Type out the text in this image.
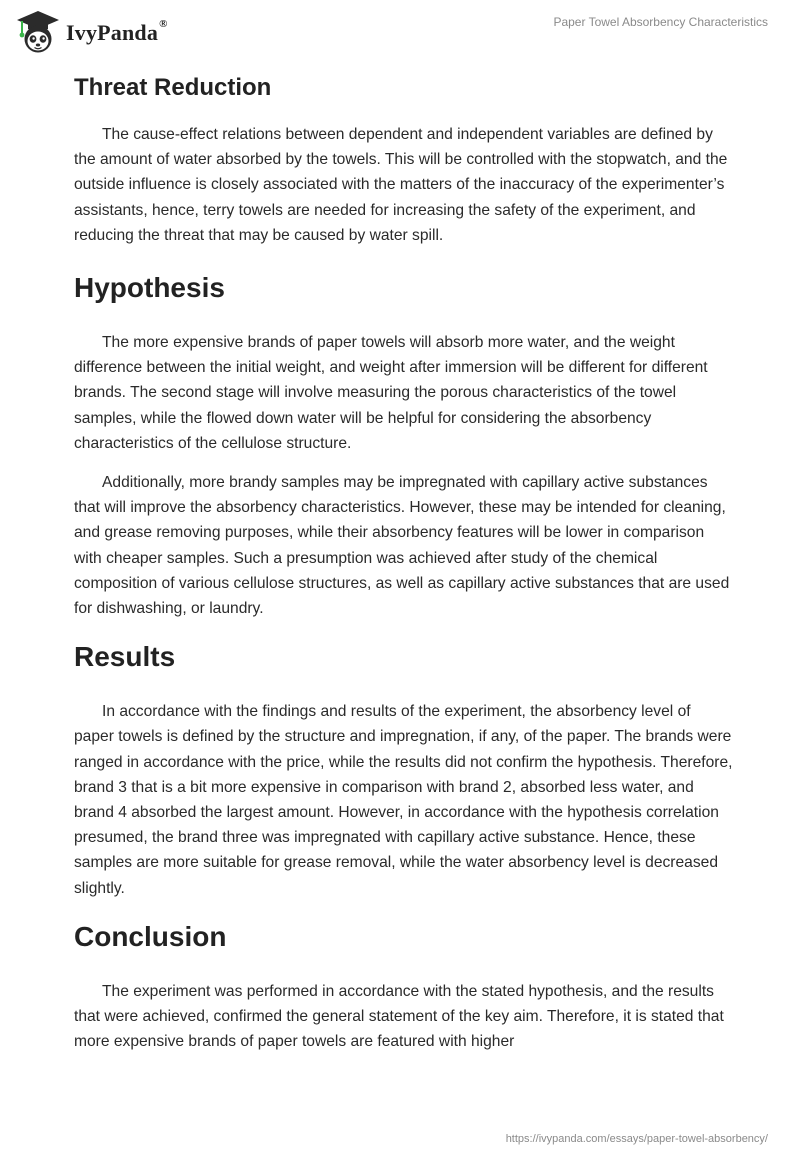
IvyPanda®	Paper Towel Absorbency Characteristics
Threat Reduction

The cause-effect relations between dependent and independent variables are defined by the amount of water absorbed by the towels. This will be controlled with the stopwatch, and the outside influence is closely associated with the matters of the inaccuracy of the experimenter’s assistants, hence, terry towels are needed for increasing the safety of the experiment, and reducing the threat that may be caused by water spill.

Hypothesis

The more expensive brands of paper towels will absorb more water, and the weight difference between the initial weight, and weight after immersion will be different for different brands. The second stage will involve measuring the porous characteristics of the towel samples, while the flowed down water will be helpful for considering the absorbency characteristics of the cellulose structure.

Additionally, more brandy samples may be impregnated with capillary active substances that will improve the absorbency characteristics. However, these may be intended for cleaning, and grease removing purposes, while their absorbency features will be lower in comparison with cheaper samples. Such a presumption was achieved after study of the chemical composition of various cellulose structures, as well as capillary active substances that are used for dishwashing, or laundry.

Results

In accordance with the findings and results of the experiment, the absorbency level of paper towels is defined by the structure and impregnation, if any, of the paper. The brands were ranged in accordance with the price, while the results did not confirm the hypothesis. Therefore, brand 3 that is a bit more expensive in comparison with brand 2, absorbed less water, and brand 4 absorbed the largest amount. However, in accordance with the hypothesis correlation presumed, the brand three was impregnated with capillary active substance. Hence, these samples are more suitable for grease removal, while the water absorbency level is decreased slightly.

Conclusion

The experiment was performed in accordance with the stated hypothesis, and the results that were achieved, confirmed the general statement of the key aim. Therefore, it is stated that more expensive brands of paper towels are featured with higher

https://ivypanda.com/essays/paper-towel-absorbency/
